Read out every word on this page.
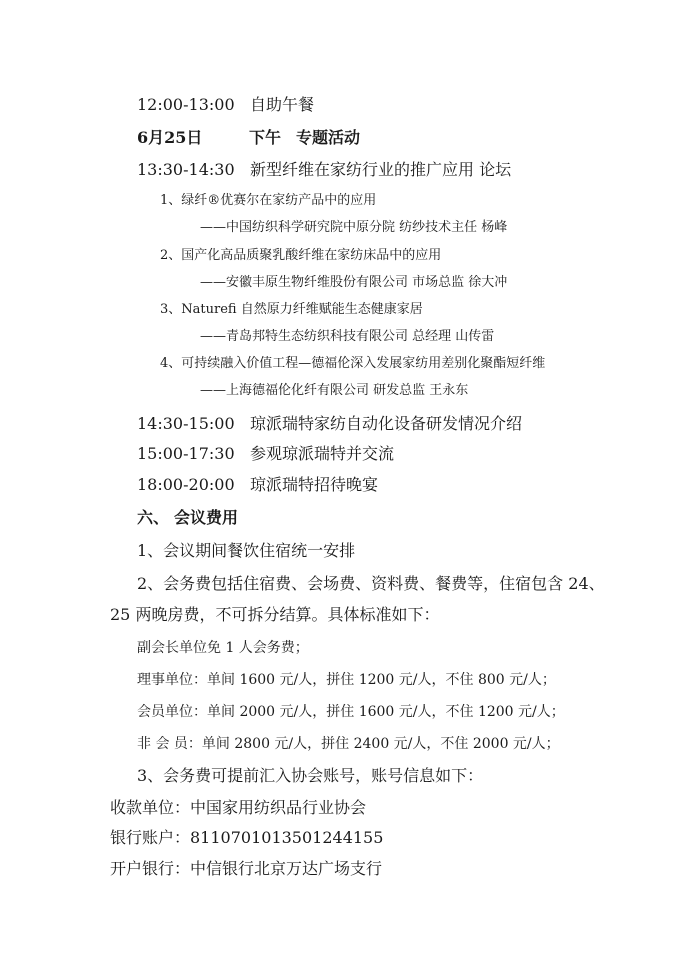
12:00-13:00 自助午餐
6月25日	下午 专题活动
13:30-14:30 新型纤维在家纺行业的推广应用 论坛
1、绿纤®优赛尔在家纺产品中的应用
——中国纺织科学研究院中原分院 纺纱技术主任 杨峰
2、国产化高品质聚乳酸纤维在家纺床品中的应用
——安徽丰原生物纤维股份有限公司 市场总监 徐大冲
3、Naturefi 自然原力纤维赋能生态健康家居
——青岛邦特生态纺织科技有限公司 总经理 山传雷
4、可持续融入价值工程—德福伦深入发展家纺用差别化聚酯短纤维
——上海德福伦化纤有限公司 研发总监 王永东
14:30-15:00 琼派瑞特家纺自动化设备研发情况介绍
15:00-17:30 参观琼派瑞特并交流
18:00-20:00 琼派瑞特招待晚宴
六、 会议费用
1、会议期间餐饮住宿统一安排
2、会务费包括住宿费、会场费、资料费、餐费等，住宿包含 24、
25 两晚房费，不可拆分结算。具体标准如下：
副会长单位免 1 人会务费；
理事单位：单间 1600 元/人，拼住 1200 元/人，不住 800 元/人；
会员单位：单间 2000 元/人，拼住 1600 元/人，不住 1200 元/人；
非 会 员：单间 2800 元/人，拼住 2400 元/人，不住 2000 元/人；
3、会务费可提前汇入协会账号，账号信息如下：
收款单位：中国家用纺织品行业协会
银行账户：8110701013501244155
开户银行：中信银行北京万达广场支行
